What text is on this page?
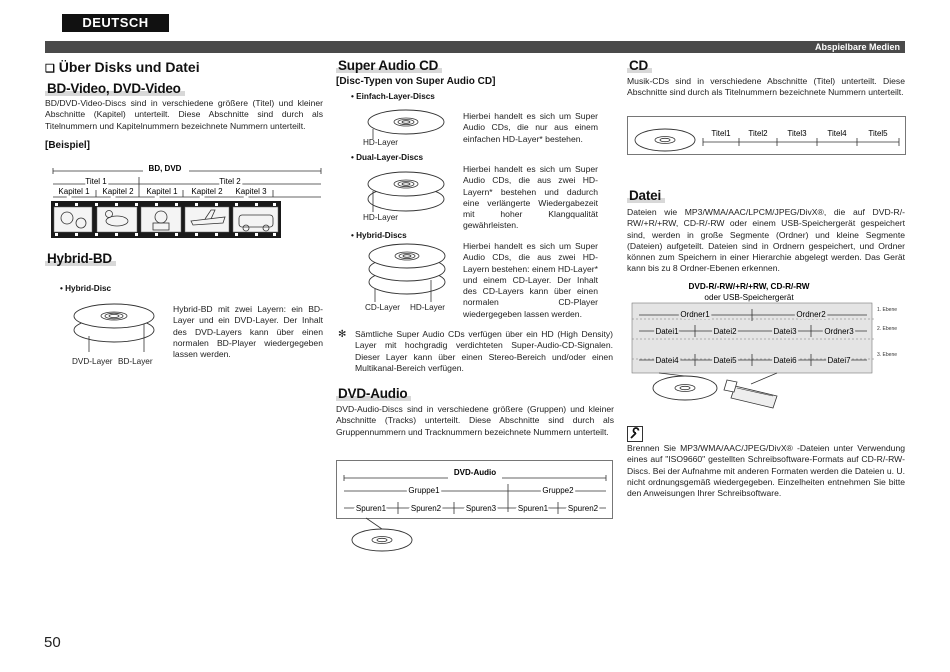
DEUTSCH
Abspielbare Medien
❑ Über Disks und Datei
BD-Video, DVD-Video
BD/DVD-Video-Discs sind in verschiedene größere (Titel) und kleiner Abschnitte (Kapitel) unterteilt. Diese Abschnitte sind durch als Titelnummern und Kapitelnummern bezeichnete Nummern unterteilt.
[Beispiel]
BD, DVD
Titel 1	Titel 2
Kapitel 1 Kapitel 2 Kapitel 1 Kapitel 2 Kapitel 3
Hybrid-BD
• Hybrid-Disc
DVD-Layer BD-Layer
Hybrid-BD mit zwei Layern: ein BD-Layer und ein DVD-Layer. Der Inhalt des DVD-Layers kann über einen normalen BD-Player wiedergegeben lassen werden.
Super Audio CD
[Disc-Typen von Super Audio CD]
• Einfach-Layer-Discs
HD-Layer
Hierbei handelt es sich um Super Audio CDs, die nur aus einem einfachen HD-Layer* bestehen.
• Dual-Layer-Discs
HD-Layer
Hierbei handelt es sich um Super Audio CDs, die aus zwei HD-Layern* bestehen und dadurch eine verlängerte Wiedergabezeit mit hoher Klangqualität gewährleisten.
• Hybrid-Discs
CD-Layer HD-Layer
Hierbei handelt es sich um Super Audio CDs, die aus zwei HD-Layern bestehen: einem HD-Layer* und einem CD-Layer. Der Inhalt des CD-Layers kann über einen normalen CD-Player wiedergegeben lassen werden.
✻ Sämtliche Super Audio CDs verfügen über ein HD (High Density) Layer mit hochgradig verdichteten Super-Audio-CD-Signalen. Dieser Layer kann über einen Stereo-Bereich und/oder einen Multikanal-Bereich verfügen.
DVD-Audio
DVD-Audio-Discs sind in verschiedene größere (Gruppen) und kleiner Abschnitte (Tracks) unterteilt. Diese Abschnitte sind durch als Gruppennummern und Tracknummern bezeichnete Nummern unterteilt.
DVD-Audio
Gruppe1	Gruppe2
Spuren1	Spuren2	Spuren3	Spuren1 Spuren2
CD
Musik-CDs sind in verschiedene Abschnitte (Titel) unterteilt. Diese Abschnitte sind durch als Titelnummern bezeichnete Nummern unterteilt.
Titel1 Titel2 Titel3	Titel4	Titel5
Datei
Dateien wie MP3/WMA/AAC/LPCM/JPEG/DivX®, die auf DVD-R/-RW/+R/+RW, CD-R/-RW oder einem USB-Speichergerät gespeichert sind, werden in große Segmente (Ordner) und kleine Segmente (Dateien) aufgeteilt. Dateien sind in Ordnern gespeichert, und Ordner können zum Speichern in einer Hierarchie abgelegt werden. Das Gerät kann bis zu 8 Ordner-Ebenen erkennen.
DVD-R/-RW/+R/+RW, CD-R/-RW
oder USB-Speichergerät
1. Ebene
2. Ebene
3. Ebene
Ordner1	Ordner2
Datei1	Datei2	Datei3	Ordner3
Datei4	Datei5	Datei6	Datei7
Brennen Sie MP3/WMA/AAC/JPEG/DivX® -Dateien unter Verwendung eines auf "ISO9660" gestellten Schreibsoftware-Formats auf CD-R/-RW-Discs. Bei der Aufnahme mit anderen Formaten werden die Dateien u. U. nicht ordnungsgemäß wiedergegeben. Einzelheiten entnehmen Sie bitte den Anweisungen Ihrer Schreibsoftware.
50
